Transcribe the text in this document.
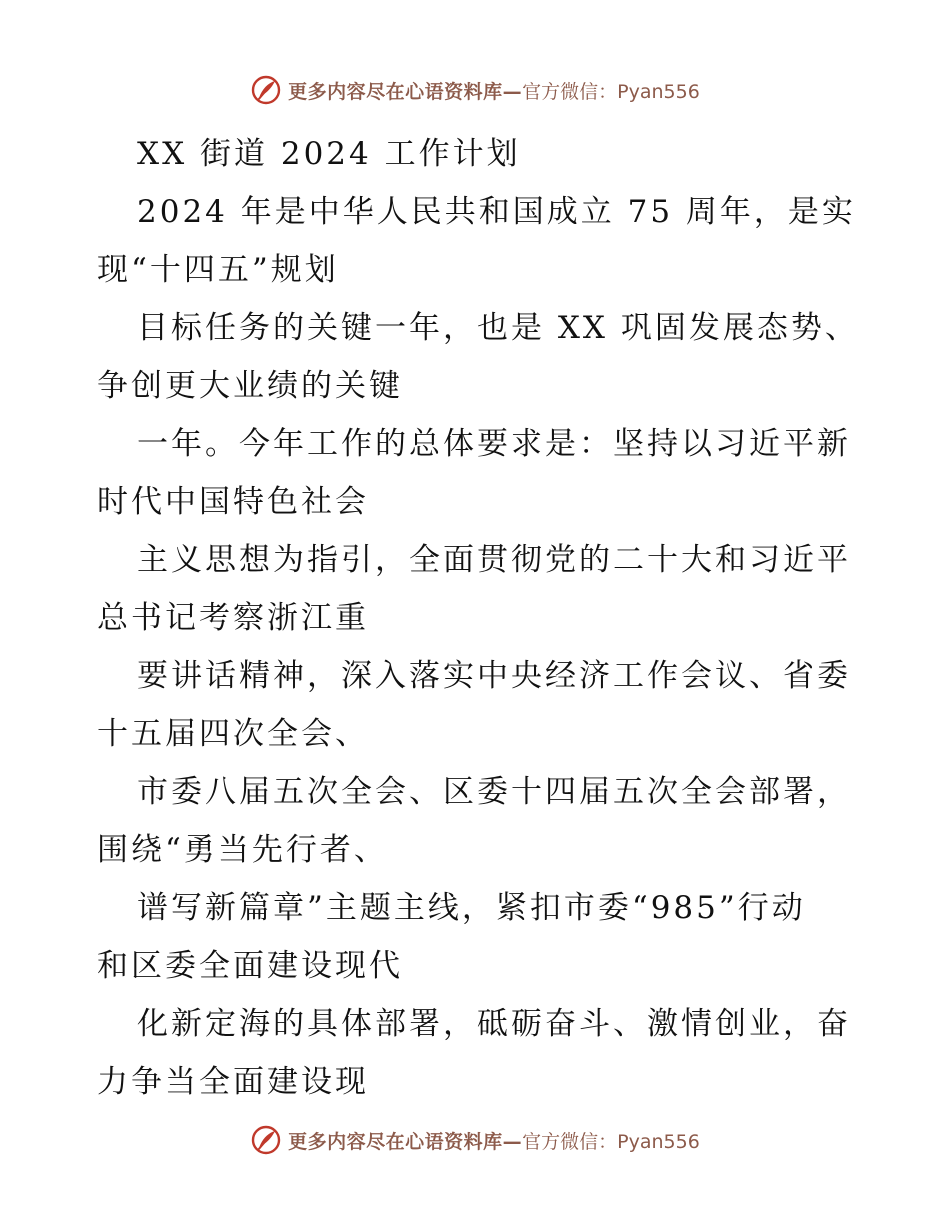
更多内容尽在心语资料库— 官方微信：Pyan556
XX 街道 2024 工作计划
2024 年是中华人民共和国成立 75 周年，是实
现“十四五”规划
目标任务的关键一年，也是 XX 巩固发展态势、
争创更大业绩的关键
一年。今年工作的总体要求是：坚持以习近平新
时代中国特色社会
主义思想为指引，全面贯彻党的二十大和习近平
总书记考察浙江重
要讲话精神，深入落实中央经济工作会议、省委
十五届四次全会、
市委八届五次全会、区委十四届五次全会部署，
围绕“勇当先行者、
谱写新篇章”主题主线，紧扣市委“985”行动
和区委全面建设现代
化新定海的具体部署，砥砺奋斗、激情创业，奋
力争当全面建设现
更多内容尽在心语资料库— 官方微信：Pyan556
